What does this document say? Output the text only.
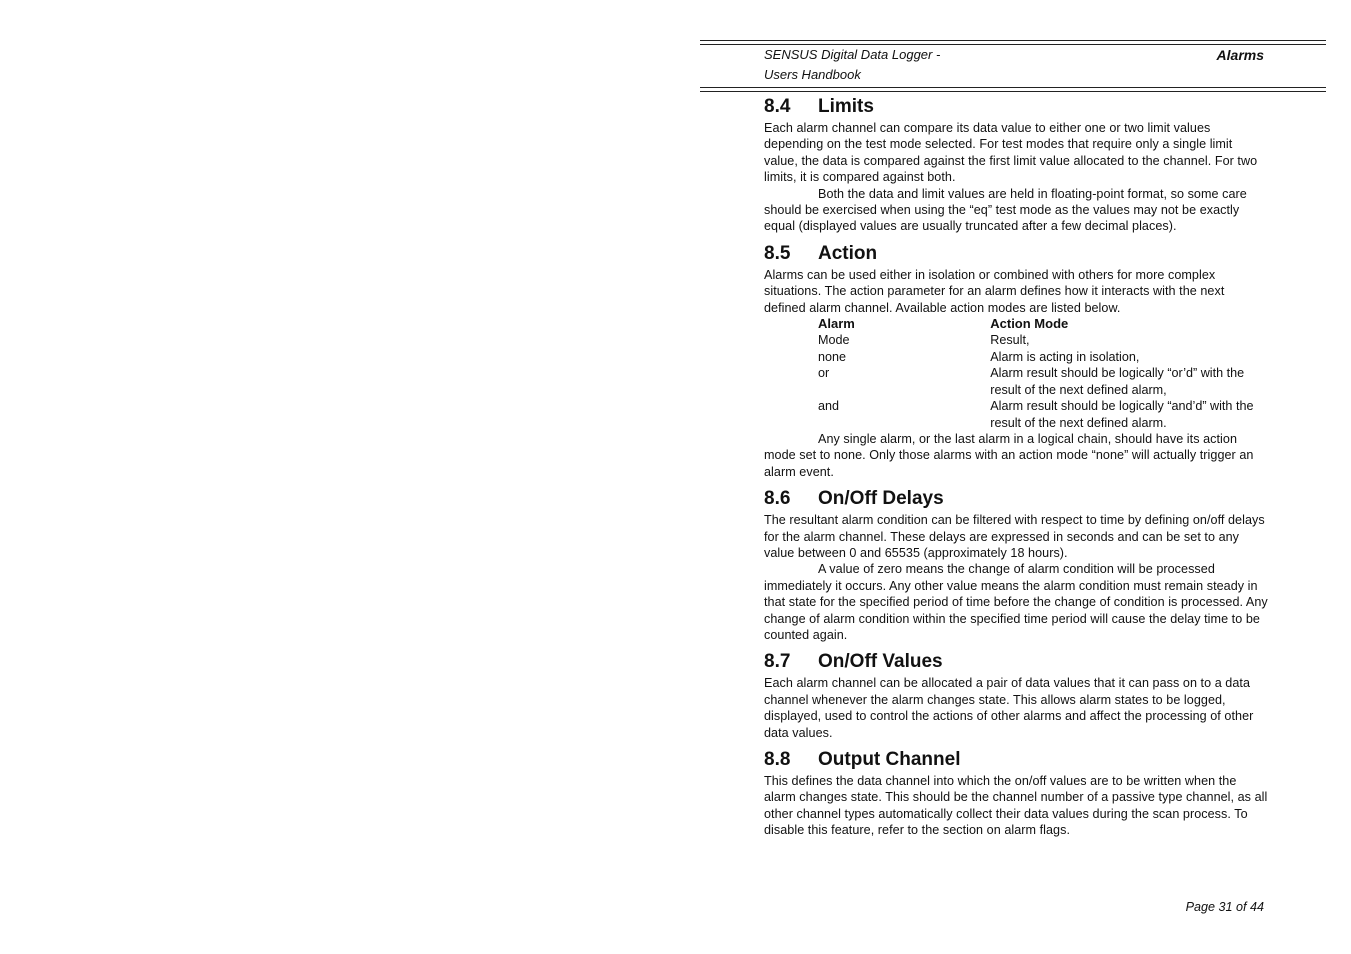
SENSUS Digital Data Logger -
Users Handbook
Alarms
8.4	Limits

Each alarm channel can compare its data value to either one or two limit values depending on the test mode selected. For test modes that require only a single limit value, the data is compared against the first limit value allocated to the channel. For two limits, it is compared against both.

Both the data and limit values are held in floating-point format, so some care should be exercised when using the “eq” test mode as the values may not be exactly equal (displayed values are usually truncated after a few decimal places).

8.5	Action

Alarms can be used either in isolation or combined with others for more complex situations. The action parameter for an alarm defines how it interacts with the next defined alarm channel. Available action modes are listed below.

Alarm	Action Mode
Mode	Result,
none	Alarm is acting in isolation,
or	Alarm result should be logically “or’d” with the result of the next defined alarm,
and	Alarm result should be logically “and’d” with the result of the next defined alarm.

Any single alarm, or the last alarm in a logical chain, should have its action mode set to none. Only those alarms with an action mode “none” will actually trigger an alarm event.

8.6	On/Off Delays

The resultant alarm condition can be filtered with respect to time by defining on/off delays for the alarm channel. These delays are expressed in seconds and can be set to any value between 0 and 65535 (approximately 18 hours).

A value of zero means the change of alarm condition will be processed immediately it occurs. Any other value means the alarm condition must remain steady in that state for the specified period of time before the change of condition is processed. Any change of alarm condition within the specified time period will cause the delay time to be counted again.

8.7	On/Off Values

Each alarm channel can be allocated a pair of data values that it can pass on to a data channel whenever the alarm changes state. This allows alarm states to be logged, displayed, used to control the actions of other alarms and affect the processing of other data values.

8.8	Output Channel

This defines the data channel into which the on/off values are to be written when the alarm changes state. This should be the channel number of a passive type channel, as all other channel types automatically collect their data values during the scan process. To disable this feature, refer to the section on alarm flags.

Page 31 of 44
